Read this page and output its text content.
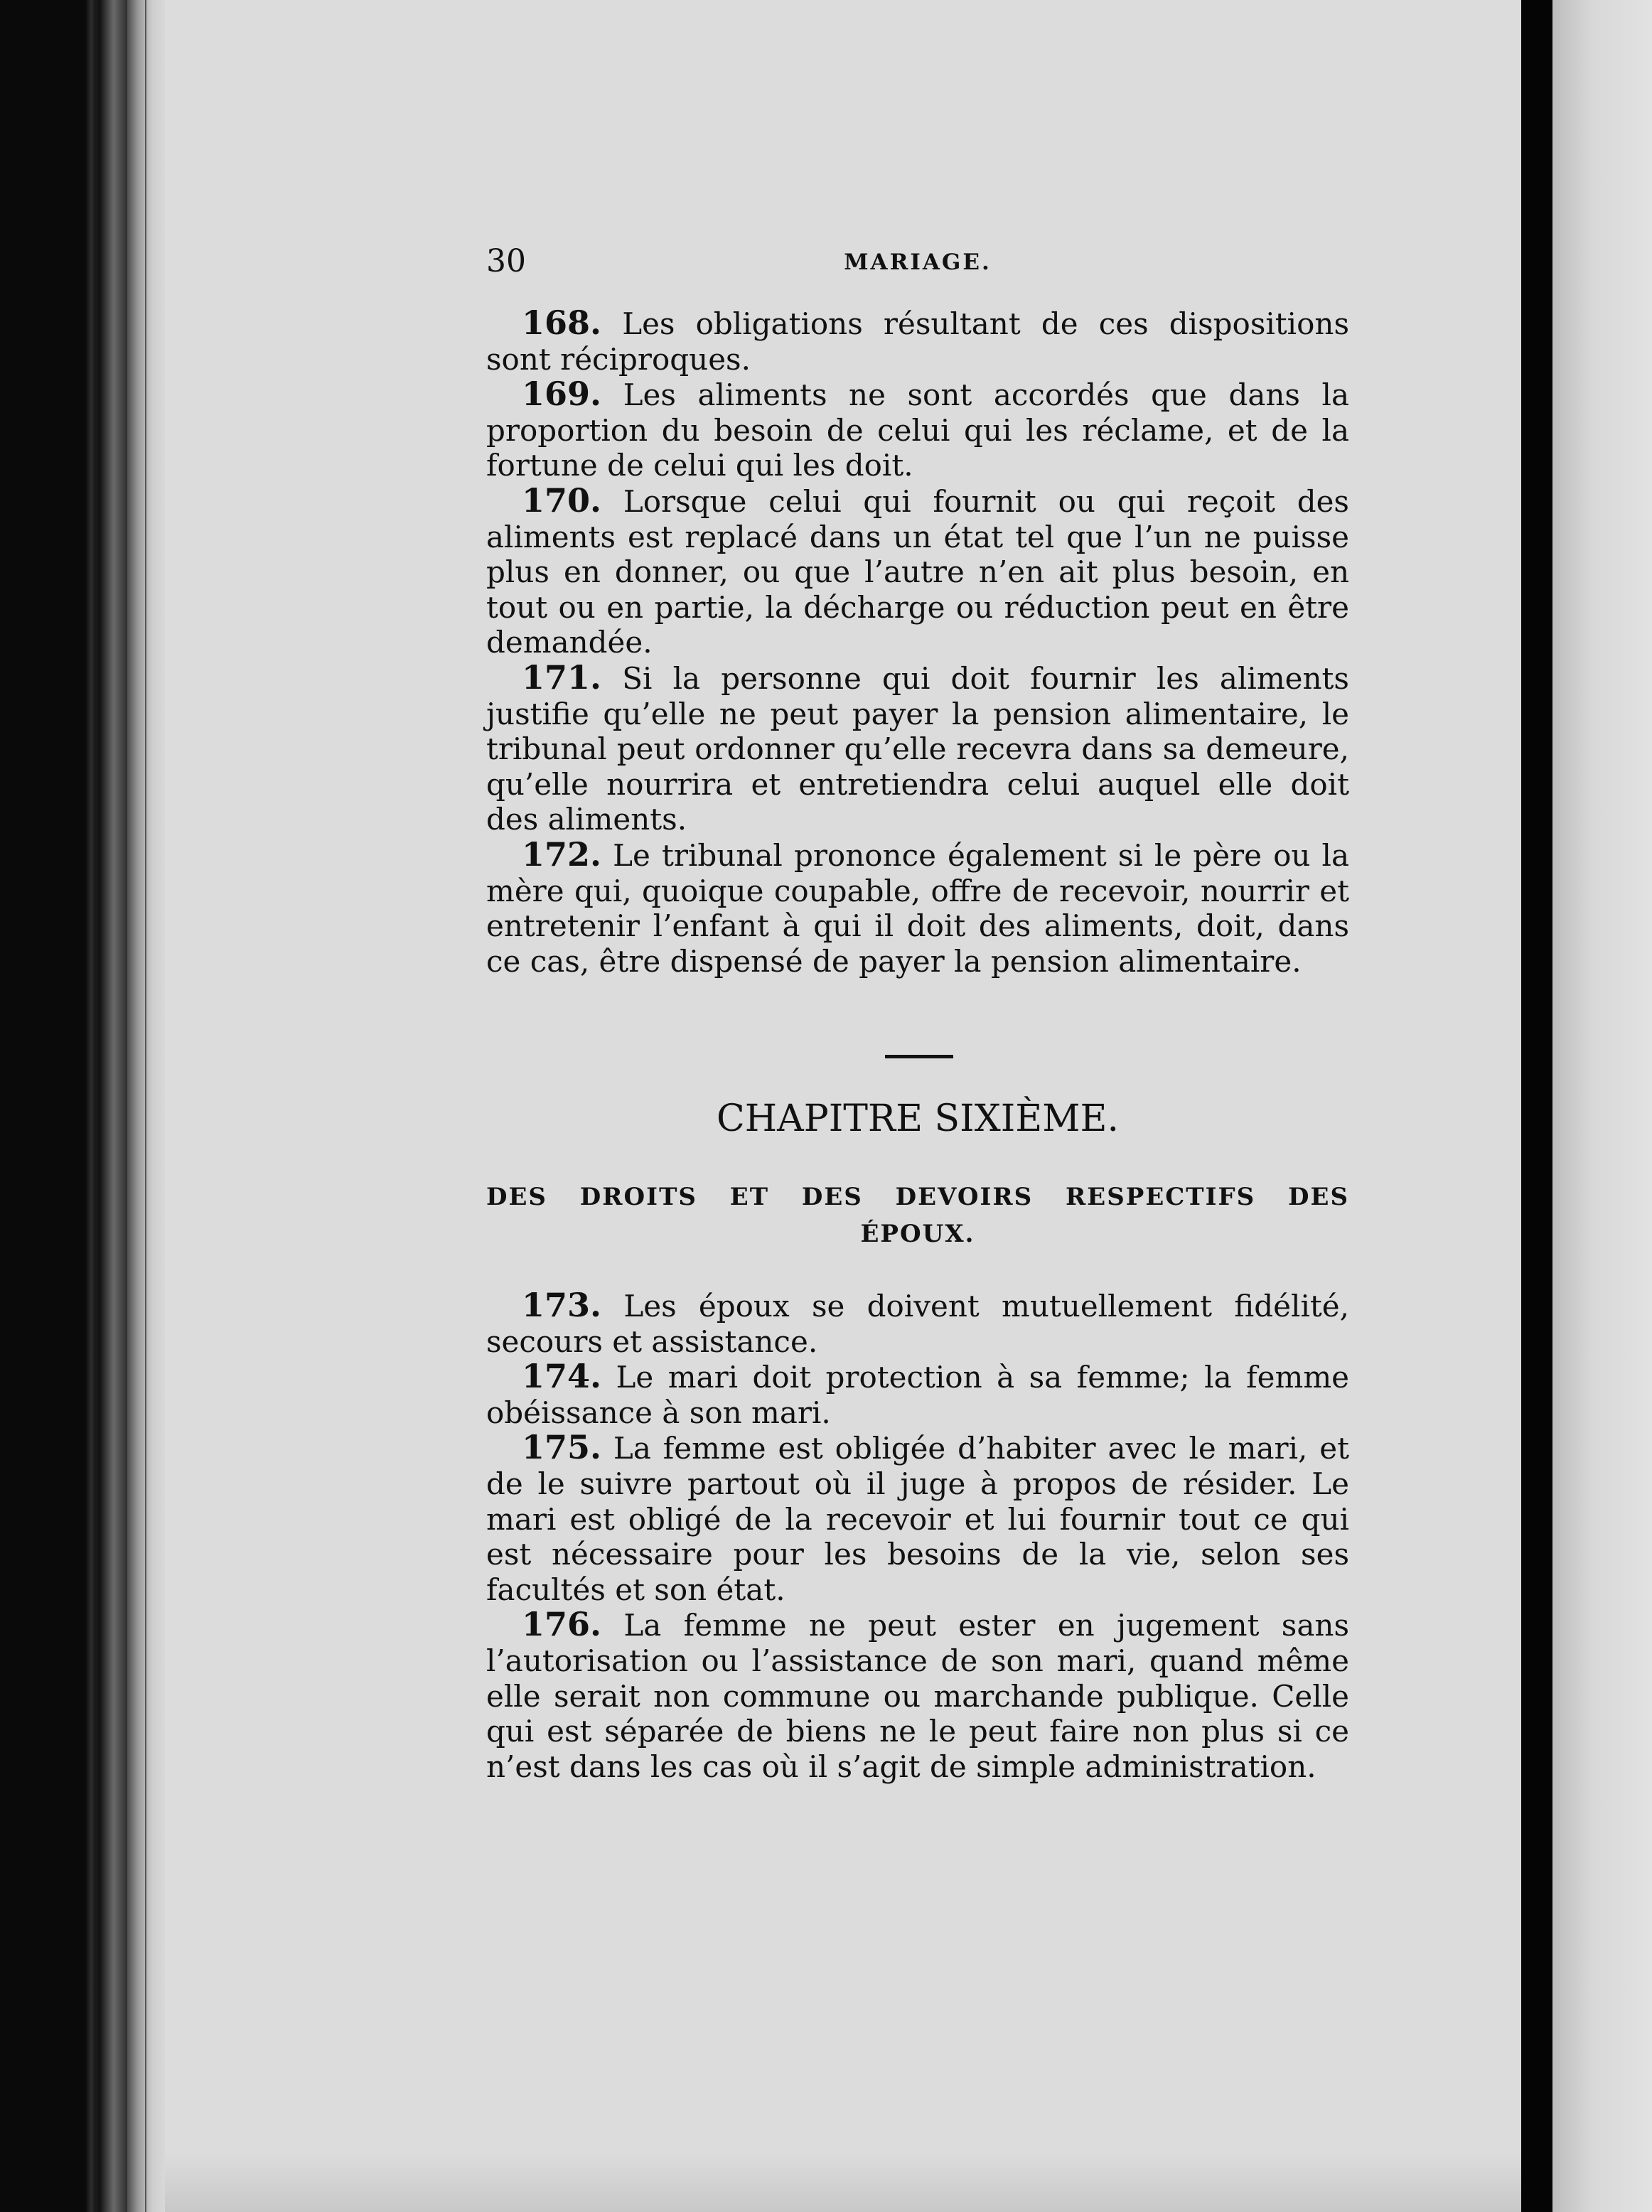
30	MARIAGE.

168. Les obligations résultant de ces dispositions sont réciproques.

169. Les aliments ne sont accordés que dans la proportion du besoin de celui qui les réclame, et de la fortune de celui qui les doit.

170. Lorsque celui qui fournit ou qui reçoit des aliments est replacé dans un état tel que l’un ne puisse plus en donner, ou que l’autre n’en ait plus besoin, en tout ou en partie, la décharge ou réduction peut en être demandée.

171. Si la personne qui doit fournir les aliments justifie qu’elle ne peut payer la pension alimentaire, le tribunal peut ordonner qu’elle recevra dans sa demeure, qu’elle nourrira et entretiendra celui auquel elle doit des aliments.

172. Le tribunal prononce également si le père ou la mère qui, quoique coupable, offre de recevoir, nourrir et entretenir l’enfant à qui il doit des aliments, doit, dans ce cas, être dispensé de payer la pension alimentaire.

CHAPITRE SIXIÈME.
DES DROITS ET DES DEVOIRS RESPECTIFS DES
ÉPOUX.

173. Les époux se doivent mutuellement fidélité, secours et assistance.

174. Le mari doit protection à sa femme; la femme obéissance à son mari.

175. La femme est obligée d’habiter avec le mari, et de le suivre partout où il juge à propos de résider. Le mari est obligé de la recevoir et lui fournir tout ce qui est nécessaire pour les besoins de la vie, selon ses facultés et son état.

176. La femme ne peut ester en jugement sans l’autorisation ou l’assistance de son mari, quand même elle serait non commune ou marchande publique. Celle qui est séparée de biens ne le peut faire non plus si ce n’est dans les cas où il s’agit de simple administration.
